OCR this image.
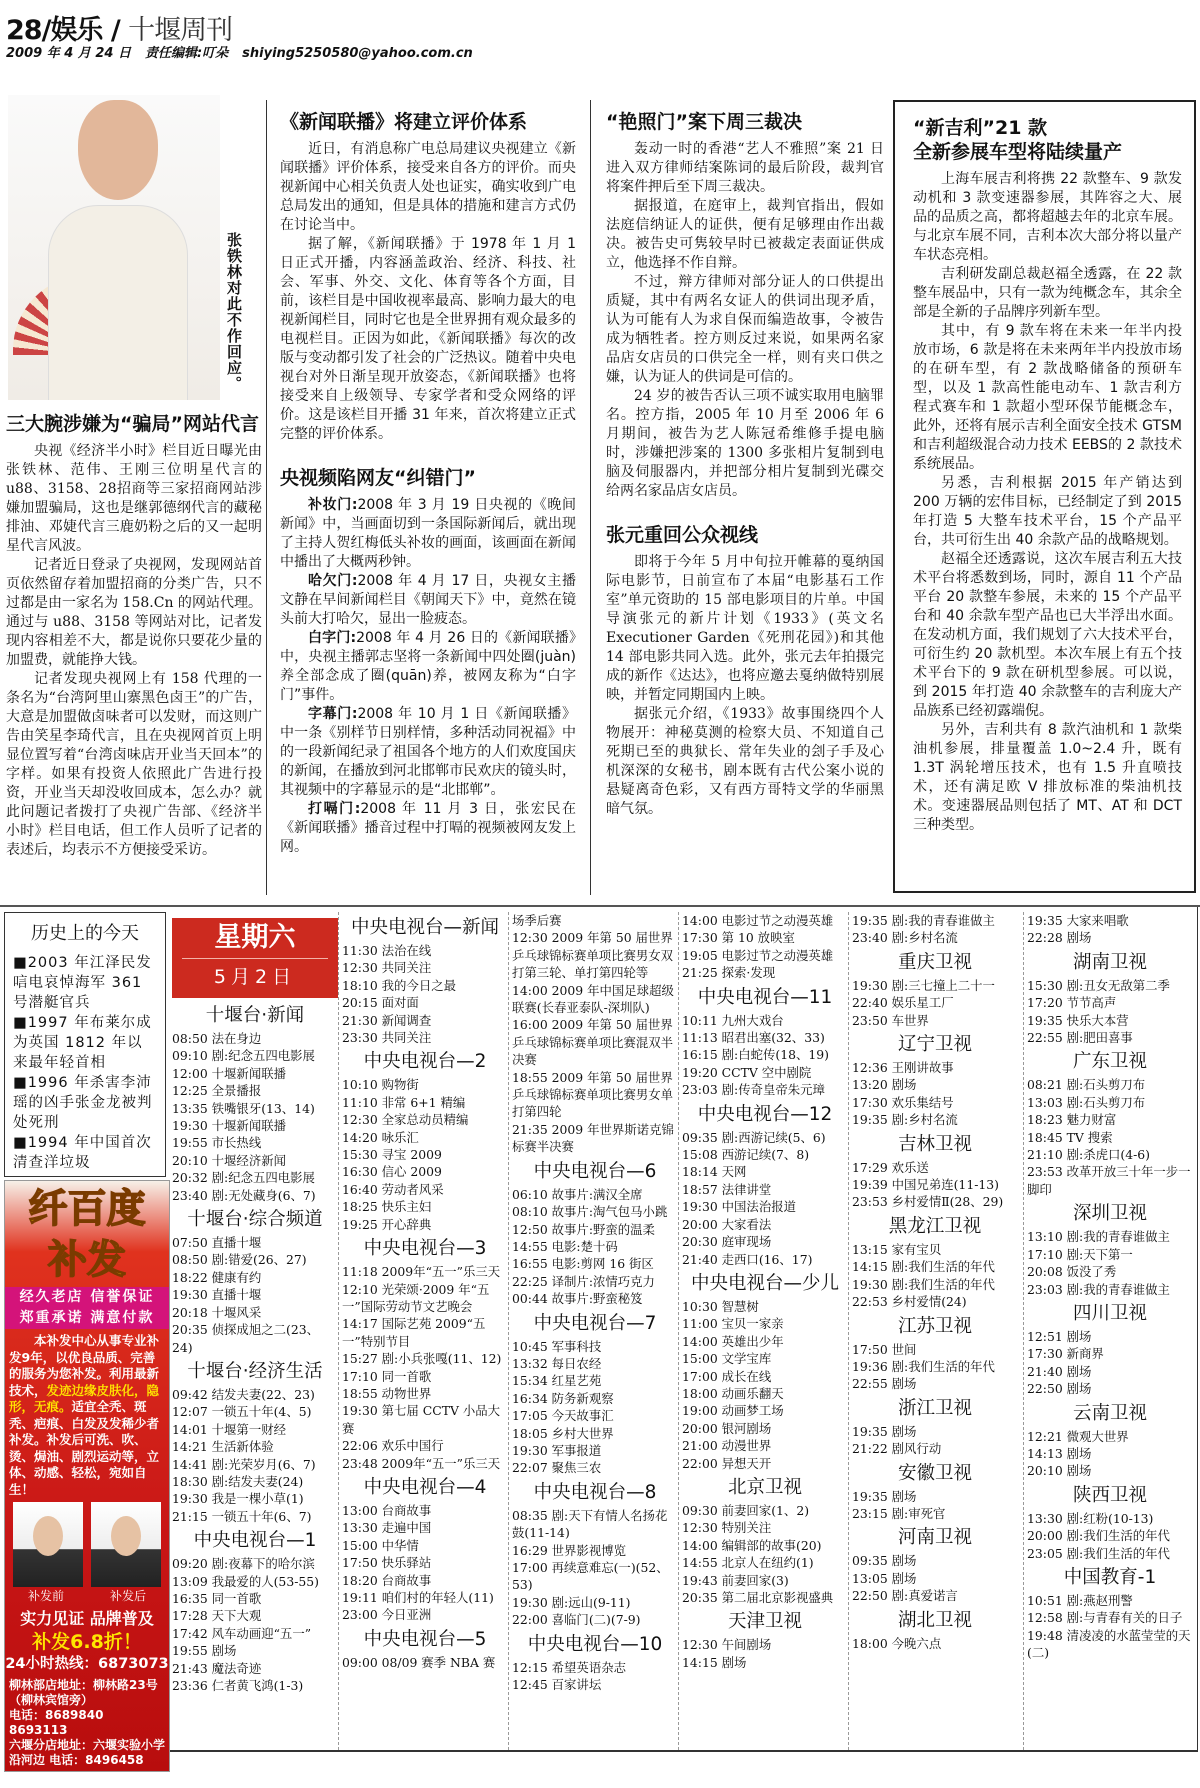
28/娱乐 / 十堰周刊
2009 年 4 月 24 日 责任编辑:叮朵 shiying5250580@yahoo.com.cn
张铁林对此不作回应。
三大腕涉嫌为“骗局”网站代言

央视《经济半小时》栏目近日曝光由张铁林、范伟、王刚三位明星代言的u88、3158、28招商等三家招商网站涉嫌加盟骗局，这也是继郭德纲代言的藏秘排油、邓婕代言三鹿奶粉之后的又一起明星代言风波。

记者近日登录了央视网，发现网站首页依然留存着加盟招商的分类广告，只不过都是由一家名为 158.Cn 的网站代理。通过与 u88、3158 等网站对比，记者发现内容相差不大，都是说你只要花少量的加盟费，就能挣大钱。

记者发现央视网上有 158 代理的一条名为“台湾阿里山寨黑色卤王”的广告，大意是加盟做卤味者可以发财，而这则广告由笑星李琦代言，且在央视网首页上明显位置写着“台湾卤味店开业当天回本”的字样。如果有投资人依照此广告进行投资，开业当天却没收回成本，怎么办？就此问题记者拨打了央视广告部、《经济半小时》栏目电话，但工作人员听了记者的表述后，均表示不方便接受采访。

《新闻联播》将建立评价体系

近日，有消息称广电总局建议央视建立《新闻联播》评价体系，接受来自各方的评价。而央视新闻中心相关负责人处也证实，确实收到广电总局发出的通知，但是具体的措施和建言方式仍在讨论当中。

据了解，《新闻联播》于 1978 年 1 月 1 日正式开播，内容涵盖政治、经济、科技、社会、军事、外交、文化、体育等各个方面，目前，该栏目是中国收视率最高、影响力最大的电视新闻栏目，同时它也是全世界拥有观众最多的电视栏目。正因为如此，《新闻联播》每次的改版与变动都引发了社会的广泛热议。随着中央电视台对外日渐呈现开放姿态，《新闻联播》也将接受来自上级领导、专家学者和受众网络的评价。这是该栏目开播 31 年来，首次将建立正式完整的评价体系。

央视频陷网友“纠错门”

补妆门:2008 年 3 月 19 日央视的《晚间新闻》中，当画面切到一条国际新闻后，就出现了主持人贺红梅低头补妆的画面，该画面在新闻中播出了大概两秒钟。

哈欠门:2008 年 4 月 17 日，央视女主播文静在早间新闻栏目《朝闻天下》中，竟然在镜头前大打哈欠，显出一脸疲态。

白字门:2008 年 4 月 26 日的《新闻联播》中，央视主播郭志坚将一条新闻中四处圈(juàn)养全部念成了圈(quān)养，被网友称为“白字门”事件。

字幕门:2008 年 10 月 1 日《新闻联播》中一条《别样节日别样情，多种活动同祝福》中的一段新闻纪录了祖国各个地方的人们欢度国庆的新闻，在播放到河北邯郸市民欢庆的镜头时，其视频中的字幕显示的是“北邯郸”。

打嗝门:2008 年 11 月 3 日，张宏民在《新闻联播》播音过程中打嗝的视频被网友发上网。

“艳照门”案下周三裁决

轰动一时的香港“艺人不雅照”案 21 日进入双方律师结案陈词的最后阶段，裁判官将案件押后至下周三裁决。

据报道，在庭审上，裁判官指出，假如法庭信纳证人的证供，便有足够理由作出裁决。被告史可隽较早时已被裁定表面证供成立，他选择不作自辩。

不过，辩方律师对部分证人的口供提出质疑，其中有两名女证人的供词出现矛盾，认为可能有人为求自保而编造故事，令被告成为牺牲者。控方则反过来说，如果两名家品店女店员的口供完全一样，则有夹口供之嫌，认为证人的供词是可信的。

24 岁的被告否认三项不诚实取用电脑罪名。控方指，2005 年 10 月至 2006 年 6 月期间，被告为艺人陈冠希维修手提电脑时，涉嫌把涉案的 1300 多张相片复制到电脑及伺服器内，并把部分相片复制到光碟交给两名家品店女店员。

张元重回公众视线

即将于今年 5 月中旬拉开帷幕的戛纳国际电影节，日前宣布了本届“电影基石工作室”单元资助的 15 部电影项目的片单。中国导演张元的新片计划《1933》(英文名 Executioner Garden《死刑花园》)和其他 14 部电影共同入选。此外，张元去年拍摄完成的新作《达达》，也将应邀去戛纳做特别展映，并暂定同期国内上映。

据张元介绍，《1933》故事围绕四个人物展开：神秘莫测的检察大员、不知道自己死期已至的典狱长、常年失业的刽子手及心机深深的女秘书，剧本既有古代公案小说的悬疑离奇色彩，又有西方哥特文学的华丽黑暗气氛。

“新吉利”21 款
全新参展车型将陆续量产

上海车展吉利将携 22 款整车、9 款发动机和 3 款变速器参展，其阵容之大、展品的品质之高，都将超越去年的北京车展。与北京车展不同，吉利本次大部分将以量产车状态亮相。

吉利研发副总裁赵福全透露，在 22 款整车展品中，只有一款为纯概念车，其余全部是全新的子品牌序列新车型。

其中，有 9 款车将在未来一年半内投放市场，6 款是将在未来两年半内投放市场的在研车型，有 2 款战略储备的预研车型，以及 1 款高性能电动车、1 款吉利方程式赛车和 1 款超小型环保节能概念车，此外，还将有展示吉利全面安全技术 GTSM 和吉利超级混合动力技术 EEBS的 2 款技术系统展品。

另悉，吉利根据 2015 年产销达到 200 万辆的宏伟目标，已经制定了到 2015 年打造 5 大整车技术平台，15 个产品平台，共可衍生出 40 余款产品的战略规划。

赵福全还透露说，这次车展吉利五大技术平台将悉数到场，同时，源自 11 个产品平台 20 款整车参展，未来的 15 个产品平台和 40 余款车型产品也已大半浮出水面。在发动机方面，我们规划了六大技术平台，可衍生约 20 款机型。本次车展上有五个技术平台下的 9 款在研机型参展。可以说，到 2015 年打造 40 余款整车的吉利庞大产品族系已经初露端倪。

另外，吉利共有 8 款汽油机和 1 款柴油机参展，排量覆盖 1.0~2.4 升，既有 1.3T 涡轮增压技术，也有 1.5 升直喷技术，还有满足欧 V 排放标准的柴油机技术。变速器展品则包括了 MT、AT 和 DCT 三种类型。

历史上的今天

■2003 年江泽民发唁电哀悼海军 361 号潜艇官兵

■1997 年布莱尔成为英国 1812 年以来最年轻首相

■1996 年杀害李沛瑶的凶手张金龙被判处死刑

■1994 年中国首次清查洋垃圾

纤百度
补发
经久老店 信誉保证
郑重承诺 满意付款
本补发中心从事专业补发9年，以优良品质、完善的服务为您补发。利用最新技术，发迹边缘皮肤化，隐形，无痕。适宜全秃、斑秃、疤痕、白发及发稀少者补发。补发后可洗、吹、烫、焗油、剧烈运动等，立体、动感、轻松，宛如自生！
补发前	补发后
实力见证 品牌普及
补发6.8折！
24小时热线：6873073
柳林部店地址：柳林路23号（柳林宾馆旁）
电话：8689840 8693113
六堰分店地址：六堰实验小学沿河边 电话：8496458
星期六
5月2日
十堰台·新闻
08:50 法在身边
09:10 剧:纪念五四电影展
12:00 十堰新闻联播
12:25 全景播报
13:35 铁嘴银牙(13、14)
19:30 十堰新闻联播
19:55 市长热线
20:10 十堰经济新闻
20:32 剧:纪念五四电影展
23:40 剧:无处藏身(6、7)
十堰台·综合频道
07:50 直播十堰
08:50 剧:错爱(26、27)
18:22 健康有约
19:30 直播十堰
20:18 十堰风采
20:35 侦探成旭之二(23、24)
十堰台·经济生活
09:42 结发夫妻(22、23)
12:07 一锁五十年(4、5)
14:01 十堰第一财经
14:21 生活新体验
14:41 剧:光荣岁月(6、7)
18:30 剧:结发夫妻(24)
19:30 我是一棵小草(1)
21:15 一锁五十年(6、7)
中央电视台—1
09:20 剧:夜幕下的哈尔滨
13:09 我最爱的人(53-55)
16:35 同一首歌
17:28 天下大观
17:42 风车动画迎“五一”
19:55 剧场
21:43 魔法奇迹
23:36 仁者黄飞鸿(1-3)
中央电视台—新闻
11:30 法治在线
12:30 共同关注
18:10 我的今日之最
20:15 面对面
21:30 新闻调查
23:30 共同关注
中央电视台—2
10:10 购物街
11:10 非常 6+1 精编
12:30 全家总动员精编
14:20 咏乐汇
15:30 寻宝 2009
16:30 信心 2009
16:40 劳动者风采
18:25 快乐主妇
19:25 开心辞典
中央电视台—3
11:18 2009年“五一”乐三天
12:10 光荣颂·2009 年“五一”国际劳动节文艺晚会
14:17 国际艺苑 2009“五一”特别节目
15:27 剧:小兵张嘎(11、12)
17:10 同一首歌
18:55 动物世界
19:30 第七届 CCTV 小品大赛
22:06 欢乐中国行
23:48 2009年“五一”乐三天
中央电视台—4
13:00 台商故事
13:30 走遍中国
15:00 中华情
17:50 快乐驿站
18:20 台商故事
19:11 咱们村的年轻人(11)
23:00 今日亚洲
中央电视台—5
09:00 08/09 赛季 NBA 赛
场季后赛
12:30 2009 年第 50 届世界乒乓球锦标赛单项比赛男女双打第三轮、单打第四轮等
14:00 2009 年中国足球超级联赛(长春亚泰队-深圳队)
16:00 2009 年第 50 届世界乒乓球锦标赛单项比赛混双半决赛
18:55 2009 年第 50 届世界乒乓球锦标赛单项比赛男女单打第四轮
21:35 2009 年世界斯诺克锦标赛半决赛
中央电视台—6
06:10 故事片:满汉全席
08:10 故事片:淘气包马小跳
12:50 故事片:野蛮的温柔
14:55 电影:楚十码
16:55 电影:剪网 16 街区
22:25 译制片:浓情巧克力
00:44 故事片:野蛮秘笈
中央电视台—7
10:45 军事科技
13:32 每日农经
15:34 红星艺苑
16:34 防务新观察
17:05 今天故事汇
18:05 乡村大世界
19:30 军事报道
22:07 聚焦三农
中央电视台—8
08:35 剧:天下有情人名扬花鼓(11-14)
16:29 世界影视博览
17:00 再续意难忘(一)(52、53)
19:30 剧:远山(9-11)
22:00 喜临门(二)(7-9)
中央电视台—10
12:15 希望英语杂志
12:45 百家讲坛
14:00 电影过节之动漫英雄
17:30 第 10 放映室
19:05 电影过节之动漫英雄
21:25 探索·发现
中央电视台—11
10:11 九州大戏台
11:13 昭君出塞(32、33)
16:15 剧:白蛇传(18、19)
19:20 CCTV 空中剧院
23:03 剧:传奇皇帝朱元璋
中央电视台—12
09:35 剧:西游记续(5、6)
15:08 西游记续(7、8)
18:14 天网
18:57 法律讲堂
19:30 中国法治报道
20:00 大家看法
20:30 庭审现场
21:40 走西口(16、17)
中央电视台—少儿
10:30 智慧树
11:00 宝贝一家亲
14:00 英雄出少年
15:00 文学宝库
17:00 成长在线
18:00 动画乐翻天
19:00 动画梦工场
20:00 银河剧场
21:00 动漫世界
22:00 异想天开
北京卫视
09:30 前妻回家(1、2)
12:30 特别关注
14:00 编辑部的故事(20)
14:55 北京人在纽约(1)
19:43 前妻回家(3)
20:35 第二届北京影视盛典
天津卫视
12:30 午间剧场
14:15 剧场
19:35 剧:我的青春谁做主
23:40 剧:乡村名流
重庆卫视
19:30 剧:三七撞上二十一
22:40 娱乐星工厂
23:50 车世界
辽宁卫视
12:36 王刚讲故事
13:20 剧场
17:30 欢乐集结号
19:35 剧:乡村名流
吉林卫视
17:29 欢乐送
19:39 中国兄弟连(11-13)
23:53 乡村爱情Ⅱ(28、29)
黑龙江卫视
13:15 家有宝贝
14:15 剧:我们生活的年代
19:30 剧:我们生活的年代
22:53 乡村爱情(24)
江苏卫视
17:50 世间
19:36 剧:我们生活的年代
22:55 剧场
浙江卫视
19:35 剧场
21:22 剧风行动
安徽卫视
19:35 剧场
23:15 剧:审死官
河南卫视
09:35 剧场
13:05 剧场
22:50 剧:真爱诺言
湖北卫视
18:00 今晚六点
19:35 大家来唱歌
22:28 剧场
湖南卫视
15:30 剧:丑女无敌第二季
17:20 节节高声
19:35 快乐大本营
22:55 剧:肥田喜事
广东卫视
08:21 剧:石头剪刀布
13:03 剧:石头剪刀布
18:23 魅力财富
18:45 TV 搜索
21:10 剧:杀虎口(4-6)
23:53 改革开放三十年一步一脚印
深圳卫视
13:10 剧:我的青春谁做主
17:10 剧:天下第一
20:08 饭没了秀
23:03 剧:我的青春谁做主
四川卫视
12:51 剧场
17:30 新商界
21:40 剧场
22:50 剧场
云南卫视
12:21 微观大世界
14:13 剧场
20:10 剧场
陕西卫视
13:30 剧:红粉(10-13)
20:00 剧:我们生活的年代
23:05 剧:我们生活的年代
中国教育-1
10:51 剧:燕赵刑警
12:58 剧:与青春有关的日子
19:48 清凌凌的水蓝莹莹的天(二)
